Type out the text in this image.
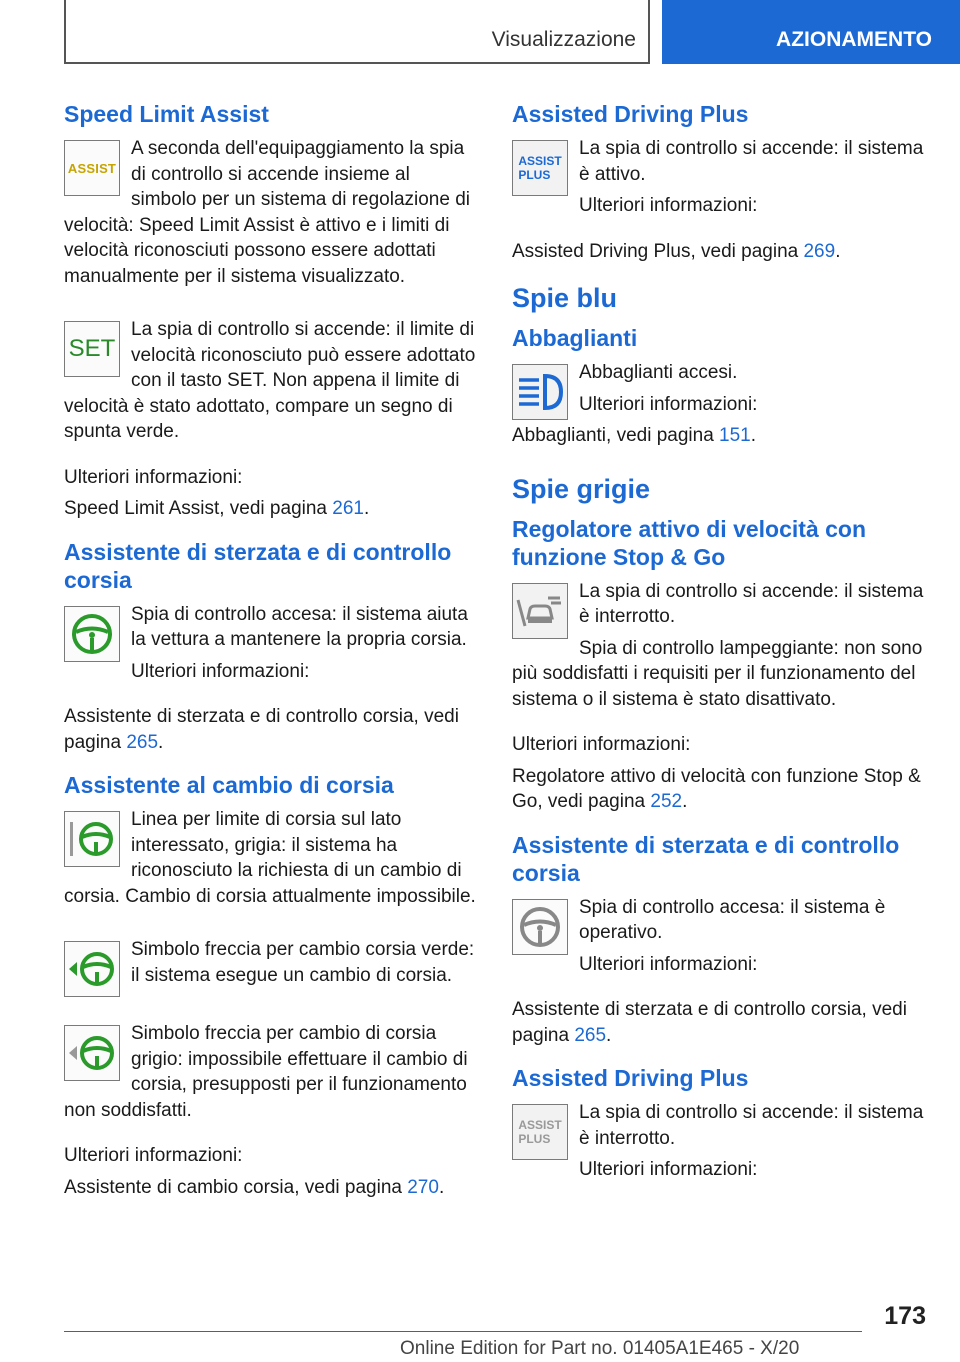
Visualizzazione	AZIONAMENTO
Speed Limit Assist
ASSIST

A seconda dell'equipaggiamento la spia di controllo si accende insieme al simbolo per un sistema di regolazione di velocità: Speed Limit Assist è attivo e i limiti di velocità riconosciuti possono essere adottati manualmente per il sistema visualizzato.

SET

La spia di controllo si accende: il limite di velocità riconosciuto può essere adottato con il tasto SET. Non appena il limite di velocità è stato adottato, compare un segno di spunta verde.

Ulteriori informazioni:

Speed Limit Assist, vedi pagina 261.

Assistente di sterzata e di controllo corsia

Spia di controllo accesa: il sistema aiuta la vettura a mantenere la propria corsia.

Ulteriori informazioni:

Assistente di sterzata e di controllo corsia, vedi pagina 265.

Assistente al cambio di corsia

Linea per limite di corsia sul lato interessato, grigia: il sistema ha riconosciuto la richiesta di un cambio di corsia. Cambio di corsia attualmente impossibile.

Simbolo freccia per cambio corsia verde: il sistema esegue un cambio di corsia.

Simbolo freccia per cambio di corsia grigio: impossibile effettuare il cambio di corsia, presupposti per il funzionamento non soddisfatti.

Ulteriori informazioni:

Assistente di cambio corsia, vedi pagina 270.

Assisted Driving Plus
ASSIST
PLUS

La spia di controllo si accende: il sistema è attivo.

Ulteriori informazioni:

Assisted Driving Plus, vedi pagina 269.

Spie blu
Abbaglianti

Abbaglianti accesi.

Ulteriori informazioni:

Abbaglianti, vedi pagina 151.

Spie grigie
Regolatore attivo di velocità con funzione Stop & Go

La spia di controllo si accende: il sistema è interrotto.

Spia di controllo lampeggiante: non sono più soddisfatti i requisiti per il funzionamento del sistema o il sistema è stato disattivato.

Ulteriori informazioni:

Regolatore attivo di velocità con funzione Stop & Go, vedi pagina 252.

Assistente di sterzata e di controllo corsia

Spia di controllo accesa: il sistema è operativo.

Ulteriori informazioni:

Assistente di sterzata e di controllo corsia, vedi pagina 265.

Assisted Driving Plus
ASSIST
PLUS

La spia di controllo si accende: il sistema è interrotto.

Ulteriori informazioni:

173
Online Edition for Part no. 01405A1E465 - X/20
